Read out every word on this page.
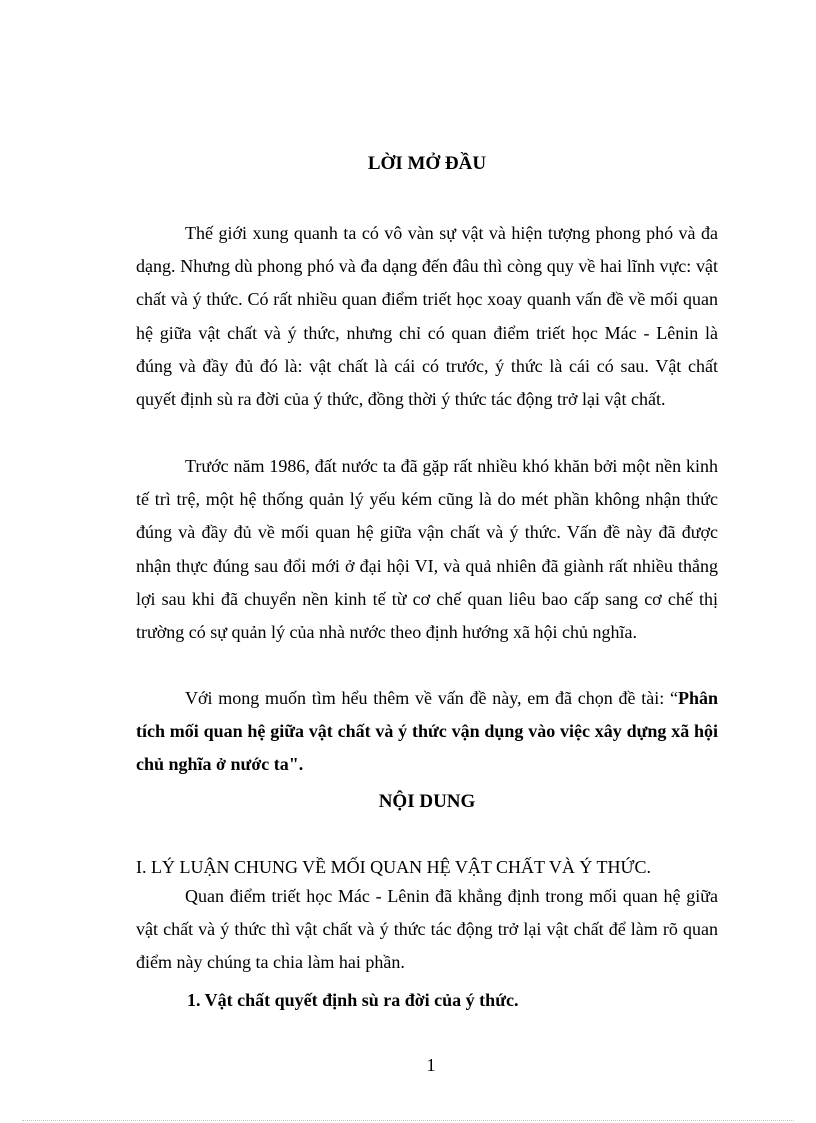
LỜI MỞ ĐẦU
Thế giới xung quanh ta có vô vàn sự vật và hiện tượng phong phó và đa dạng. Nhưng dù phong phó và đa dạng đến đâu thì còng quy về hai lĩnh vực: vật chất và ý thức. Có rất nhiều quan điểm triết học xoay quanh vấn đề về mối quan hệ giữa vật chất và ý thức, nhưng chỉ có quan điểm triết học Mác - Lênin là đúng và đầy đủ đó là: vật chất là cái có trước, ý thức là cái có sau. Vật chất quyết định sù ra đời của ý thức, đồng thời ý thức tác động trở lại vật chất.
Trước năm 1986, đất nước ta đã gặp rất nhiều khó khăn bởi một nền kinh tế trì trệ, một hệ thống quản lý yếu kém cũng là do mét phần không nhận thức đúng và đầy đủ về mối quan hệ giữa vận chất và ý thức. Vấn đề này đã được nhận thực đúng sau đổi mới ở đại hội VI, và quả nhiên đã giành rất nhiều thắng lợi sau khi đã chuyển nền kinh tế từ cơ chế quan liêu bao cấp sang cơ chế thị trường có sự quản lý của nhà nước theo định hướng xã hội chủ nghĩa.
Với mong muốn tìm hểu thêm về vấn đề này, em đã chọn đề tài: “Phân tích mối quan hệ giữa vật chất và ý thức vận dụng vào việc xây dựng xã hội chủ nghĩa ở nước ta".
NỘI DUNG
I. LÝ LUẬN CHUNG VỀ MỐI QUAN HỆ VẬT CHẤT VÀ Ý THỨC.
Quan điểm triết học Mác - Lênin đã khẳng định trong mối quan hệ giữa vật chất và ý thức thì vật chất và ý thức tác động trở lại vật chất để làm rõ quan điểm này chúng ta chia làm hai phần.
1. Vật chất quyết định sù ra đời của ý thức.
1
